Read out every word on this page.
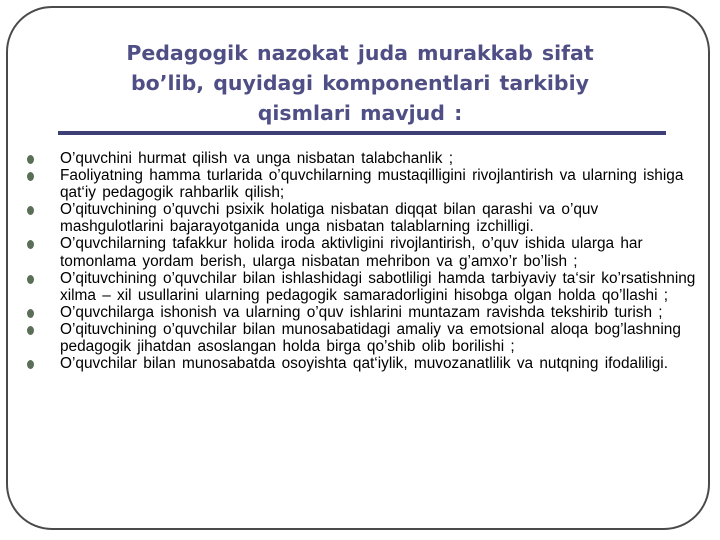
Pedagogik nazokat juda murakkab sifat
bo’lib, quyidagi komponentlari tarkibiy
qismlari mavjud :
O’quvchini hurmat qilish va unga nisbatan talabchanlik ;
Faoliyatning hamma turlarida o’quvchilarning mustaqilligini rivojlantirish va ularning ishiga qat‘iy pedagogik rahbarlik qilish;
O’qituvchining o’quvchi psixik holatiga nisbatan diqqat bilan qarashi va o’quv mashgulotlarini bajarayotganida unga nisbatan talablarning izchilligi.
O’quvchilarning tafakkur holida iroda aktivligini rivojlantirish, o’quv ishida ularga har tomonlama yordam berish, ularga nisbatan mehribon va g’amxo’r bo’lish ;
O’qituvchining o’quvchilar bilan ishlashidagi sabotliligi hamda tarbiyaviy ta‘sir ko’rsatishning xilma – xil usullarini ularning pedagogik samaradorligini hisobga olgan holda qo’llashi ;
O’quvchilarga ishonish va ularning o’quv ishlarini muntazam ravishda tekshirib turish ;
O’qituvchining o’quvchilar bilan munosabatidagi amaliy va emotsional aloqa bog’lashning pedagogik jihatdan asoslangan holda birga qo’shib olib borilishi ;
O’quvchilar bilan munosabatda osoyishta qat‘iylik, muvozanatlilik va nutqning ifodaliligi.
